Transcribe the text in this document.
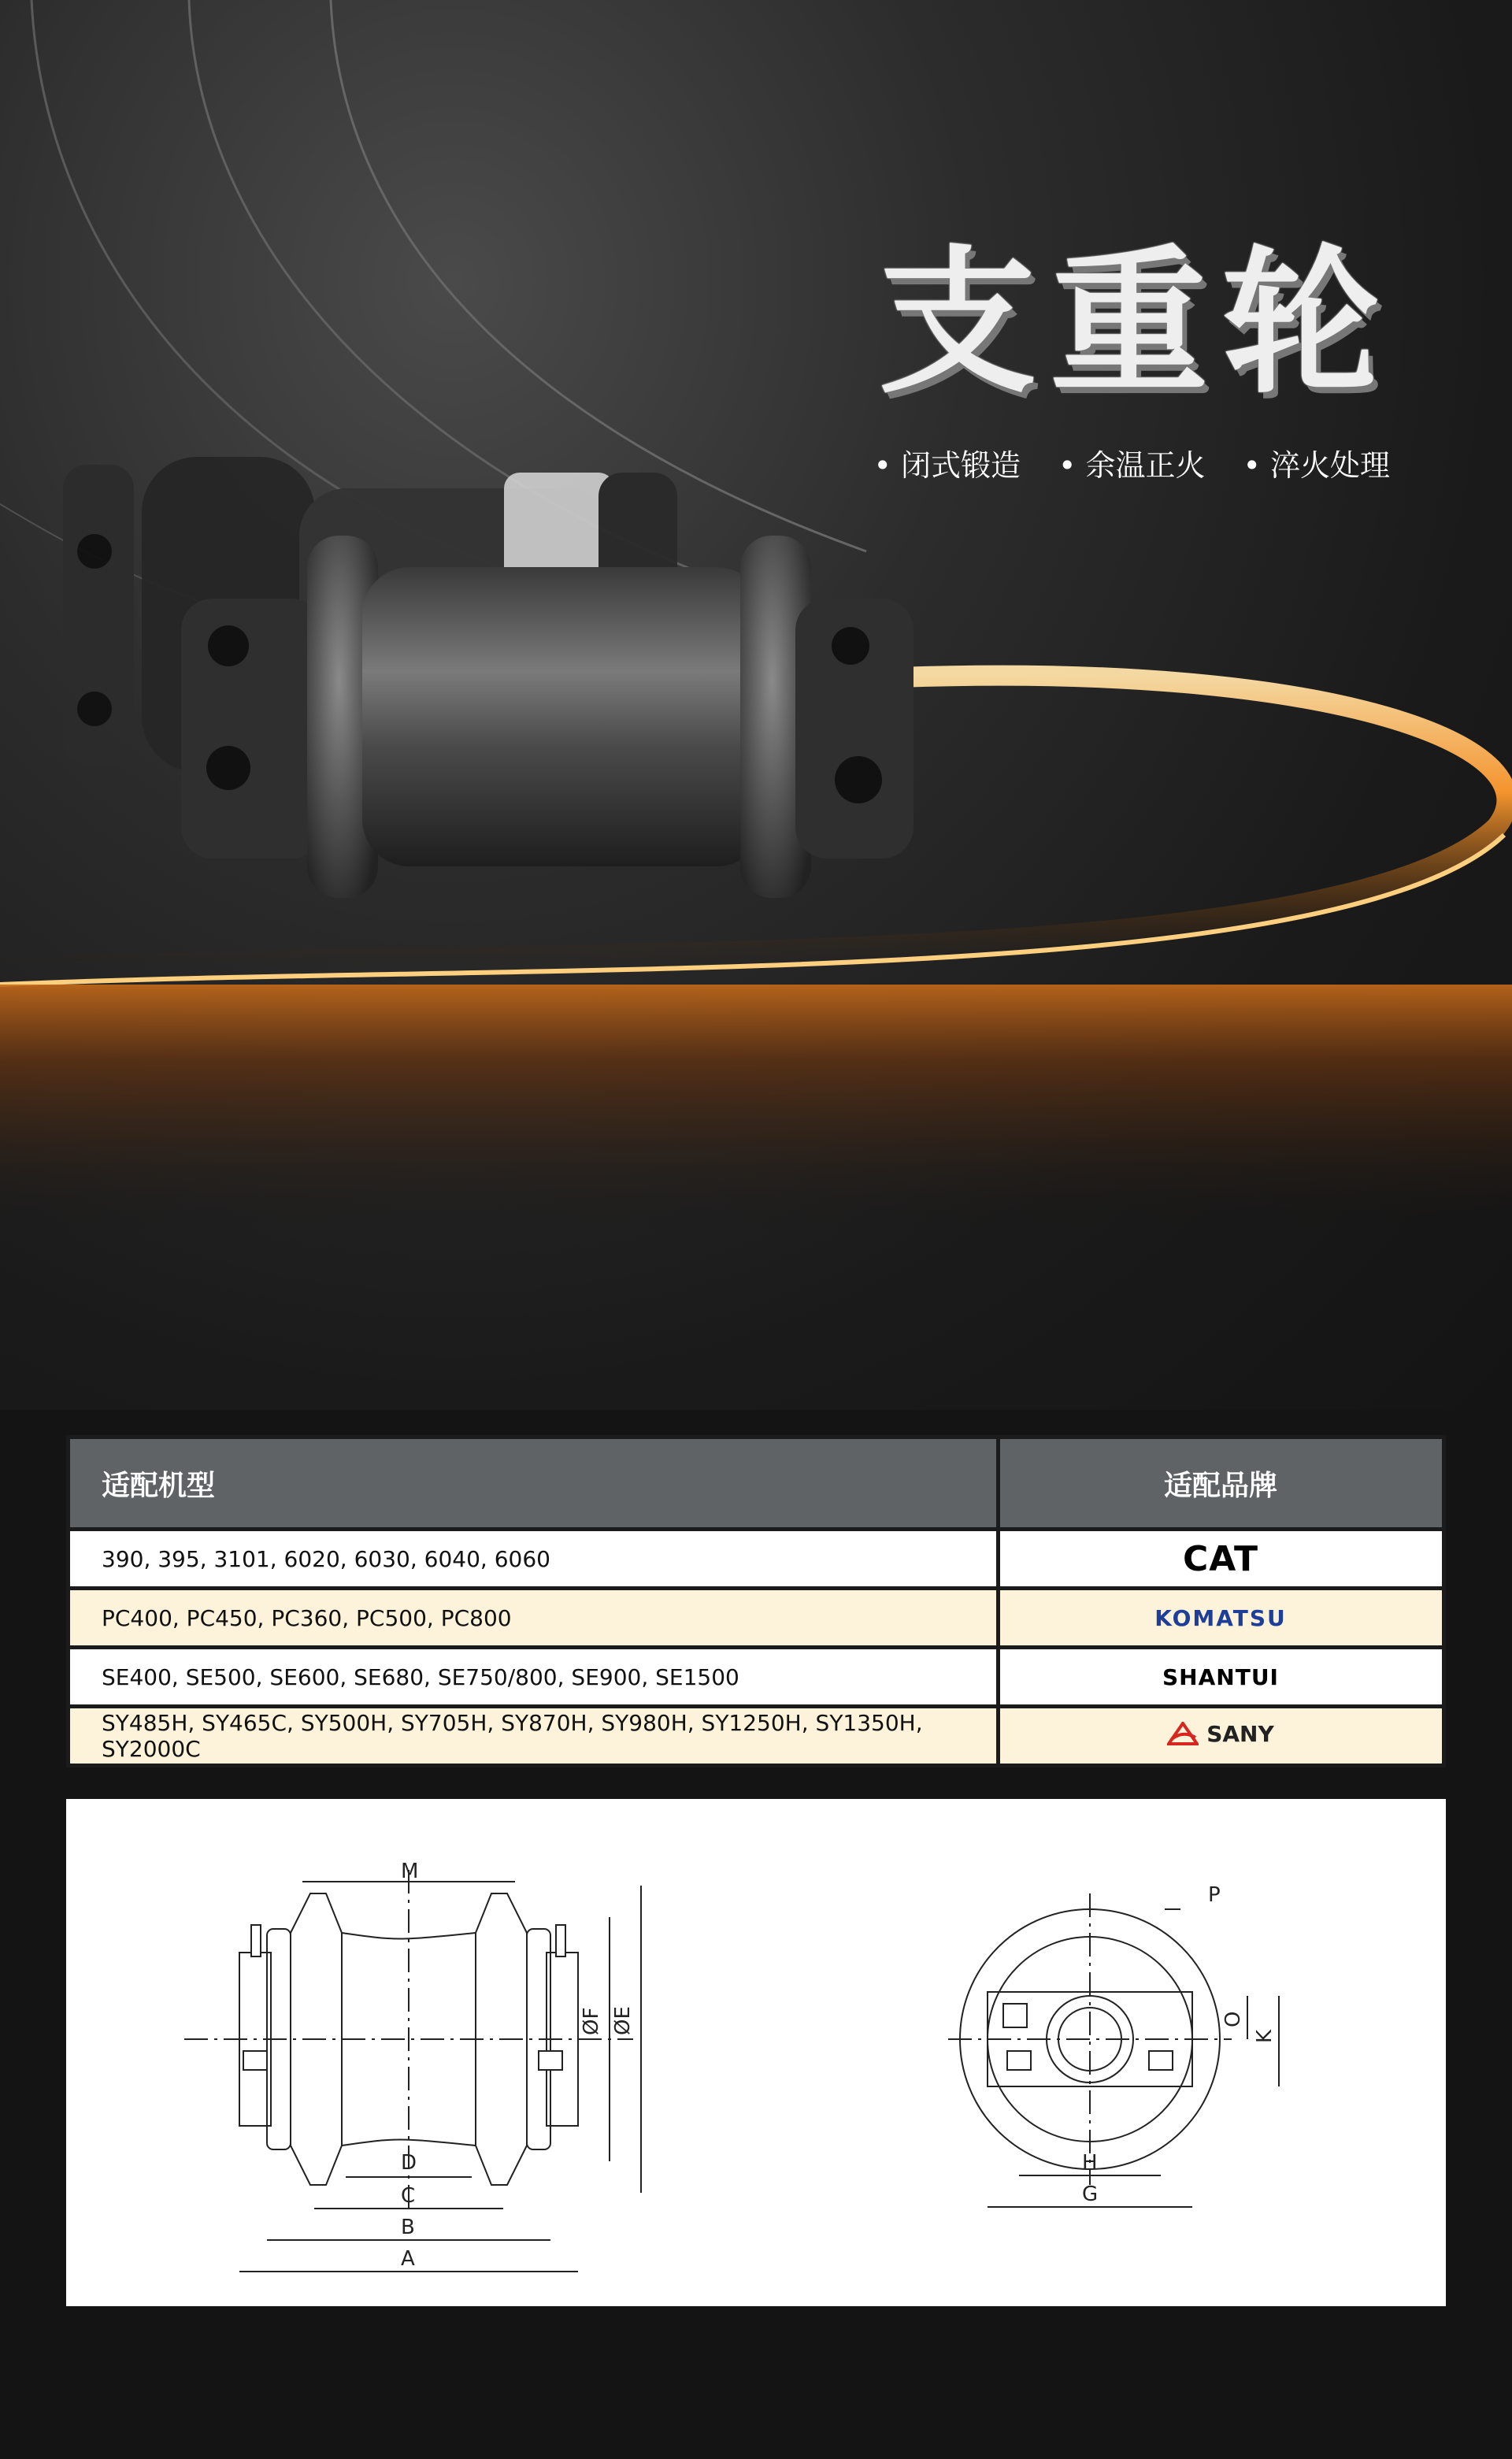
支重轮
• 闭式锻造	• 余温正火	• 淬火处理
适配机型	适配品牌
390, 395, 3101, 6020, 6030, 6040, 6060	CAT
PC400, PC450, PC360, PC500, PC800	KOMATSU
SE400, SE500, SE600, SE680, SE750/800, SE900, SE1500	SHANTUI
SY485H, SY465C, SY500H, SY705H, SY870H, SY980H, SY1250H, SY1350H, SY2000C	SANY
M
D
C
B
A
ØF ØE
P
O
K
H
G
